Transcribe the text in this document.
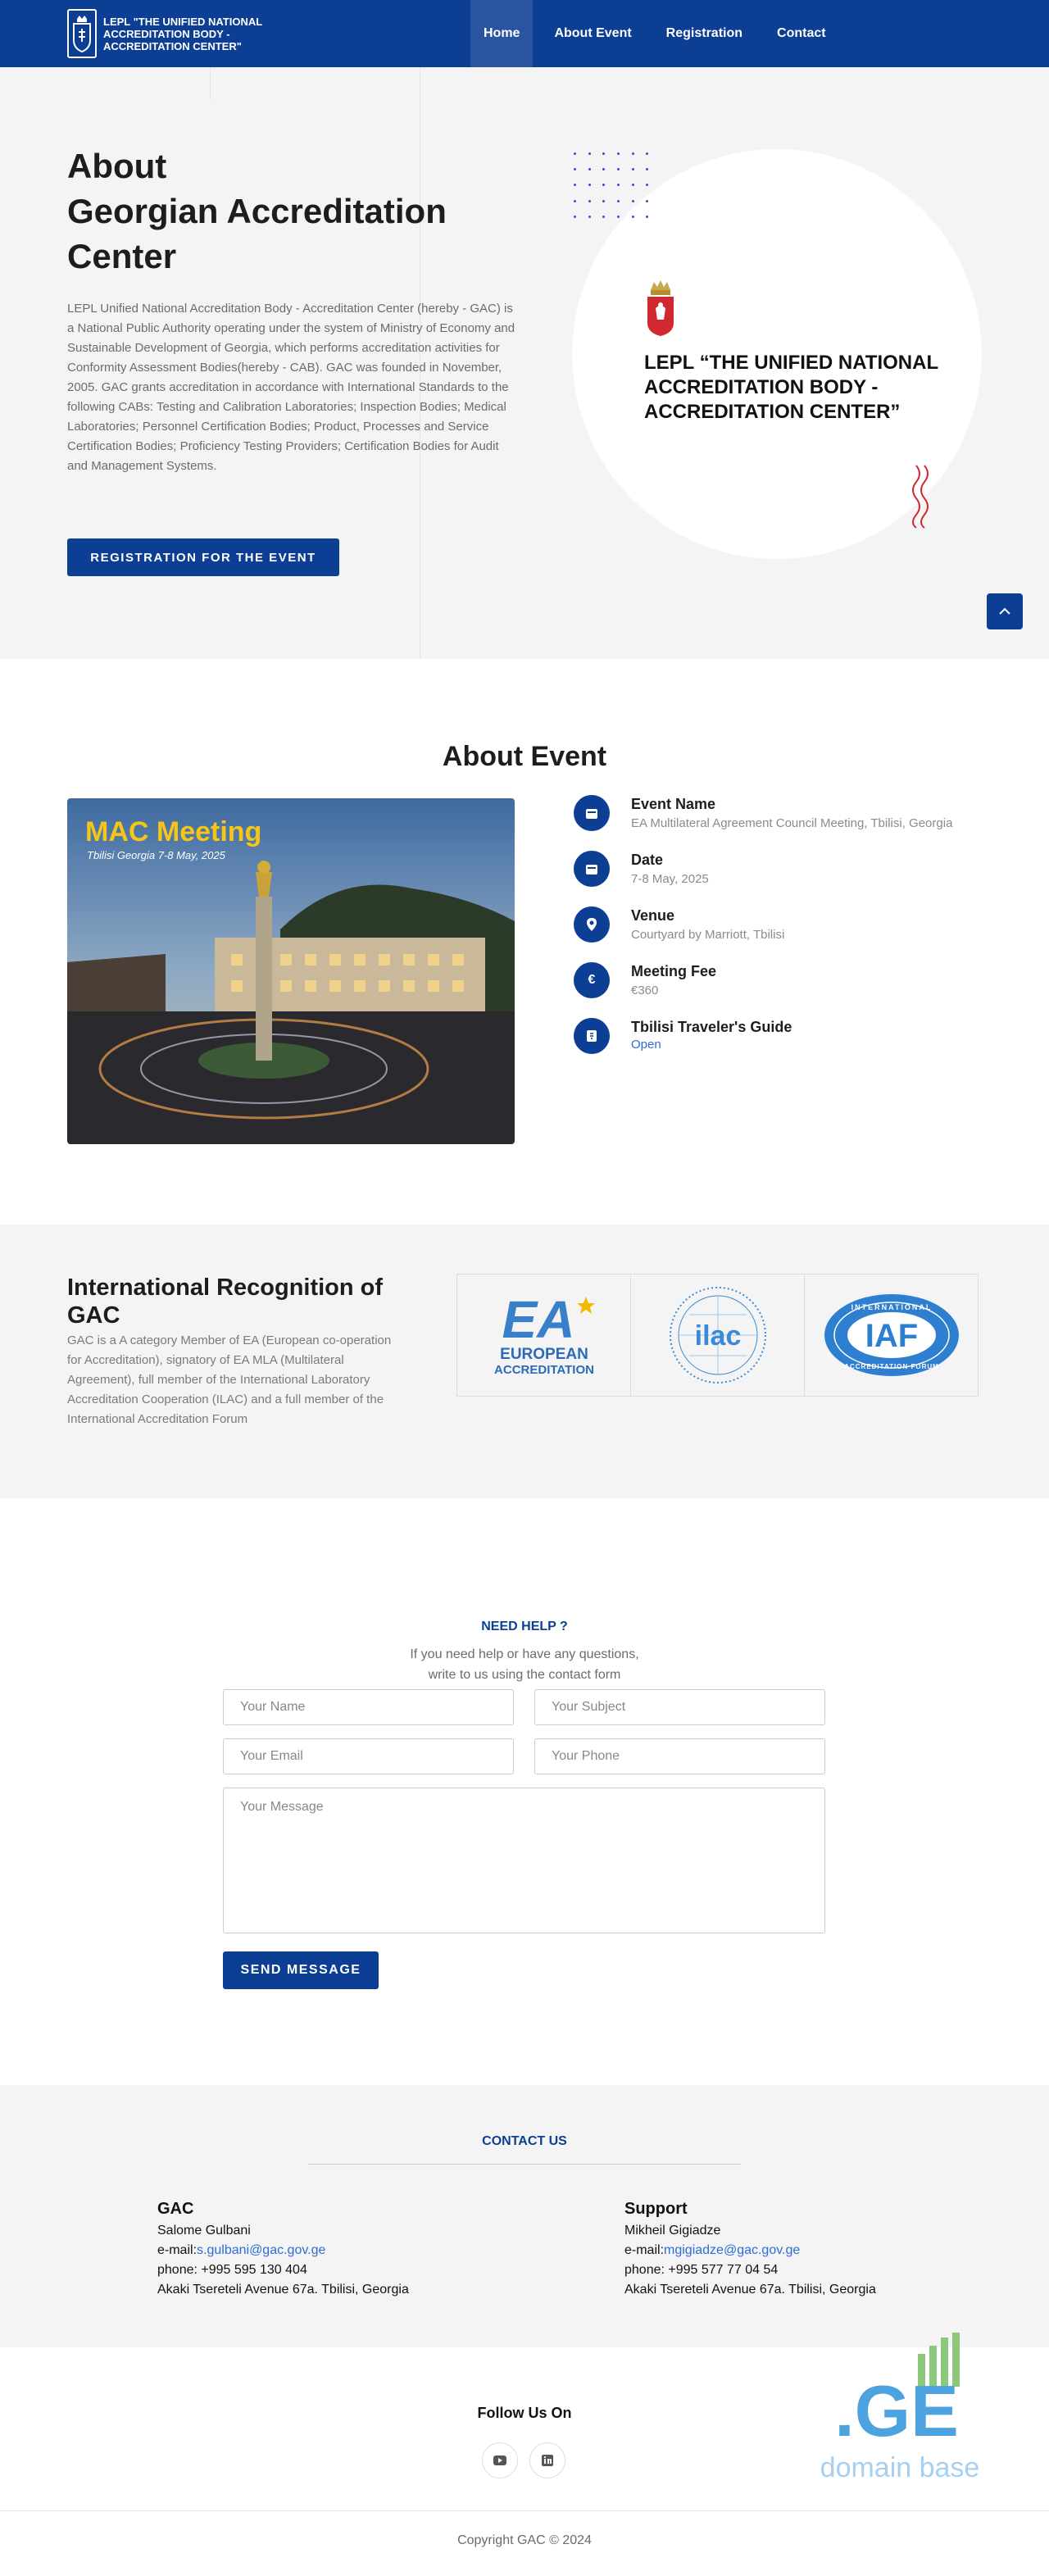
LEPL "THE UNIFIED NATIONAL ACCREDITATION BODY - ACCREDITATION CENTER"
Home	About Event	Registration	Contact
About
Georgian Accreditation
Center

LEPL Unified National Accreditation Body - Accreditation Center (hereby - GAC) is a National Public Authority operating under the system of Ministry of Economy and Sustainable Development of Georgia, which performs accreditation activities for Conformity Assessment Bodies(hereby - CAB). GAC was founded in November, 2005. GAC grants accreditation in accordance with International Standards to the following CABs: Testing and Calibration Laboratories; Inspection Bodies; Medical Laboratories; Personnel Certification Bodies; Product, Processes and Service Certification Bodies; Proficiency Testing Providers; Certification Bodies for Audit and Management Systems.

REGISTRATION FOR THE EVENT
LEPL “THE UNIFIED NATIONAL ACCREDITATION BODY - ACCREDITATION CENTER”
About Event
MAC Meeting
Tbilisi Georgia 7-8 May, 2025
Event Name
EA Multilateral Agreement Council Meeting, Tbilisi, Georgia
Date
7-8 May, 2025
Venue
Courtyard by Marriott, Tbilisi
€
Meeting Fee
€360
Tbilisi Traveler's Guide
Open
International Recognition of GAC

GAC is a A category Member of EA (European co-operation for Accreditation), signatory of EA MLA (Multilateral Agreement), full member of the International Laboratory Accreditation Cooperation (ILAC) and a full member of the International Accreditation Forum

EA
EUROPEAN
ACCREDITATION
ilac	IAF
INTERNATIONAL
ACCREDITATION FORUM
NEED HELP ?
If you need help or have any questions,
write to us using the contact form
Your Name
Your Subject
Your Email
Your Phone
Your Message
SEND MESSAGE
CONTACT US
GAC
Salome Gulbani
e-mail:s.gulbani@gac.gov.ge
phone: +995 595 130 404
Akaki Tsereteli Avenue 67a. Tbilisi, Georgia
Support
Mikheil Gigiadze
e-mail:mgigiadze@gac.gov.ge
phone: +995 577 77 04 54
Akaki Tsereteli Avenue 67a. Tbilisi, Georgia
Follow Us On	.GE
domain base
Copyright GAC © 2024
